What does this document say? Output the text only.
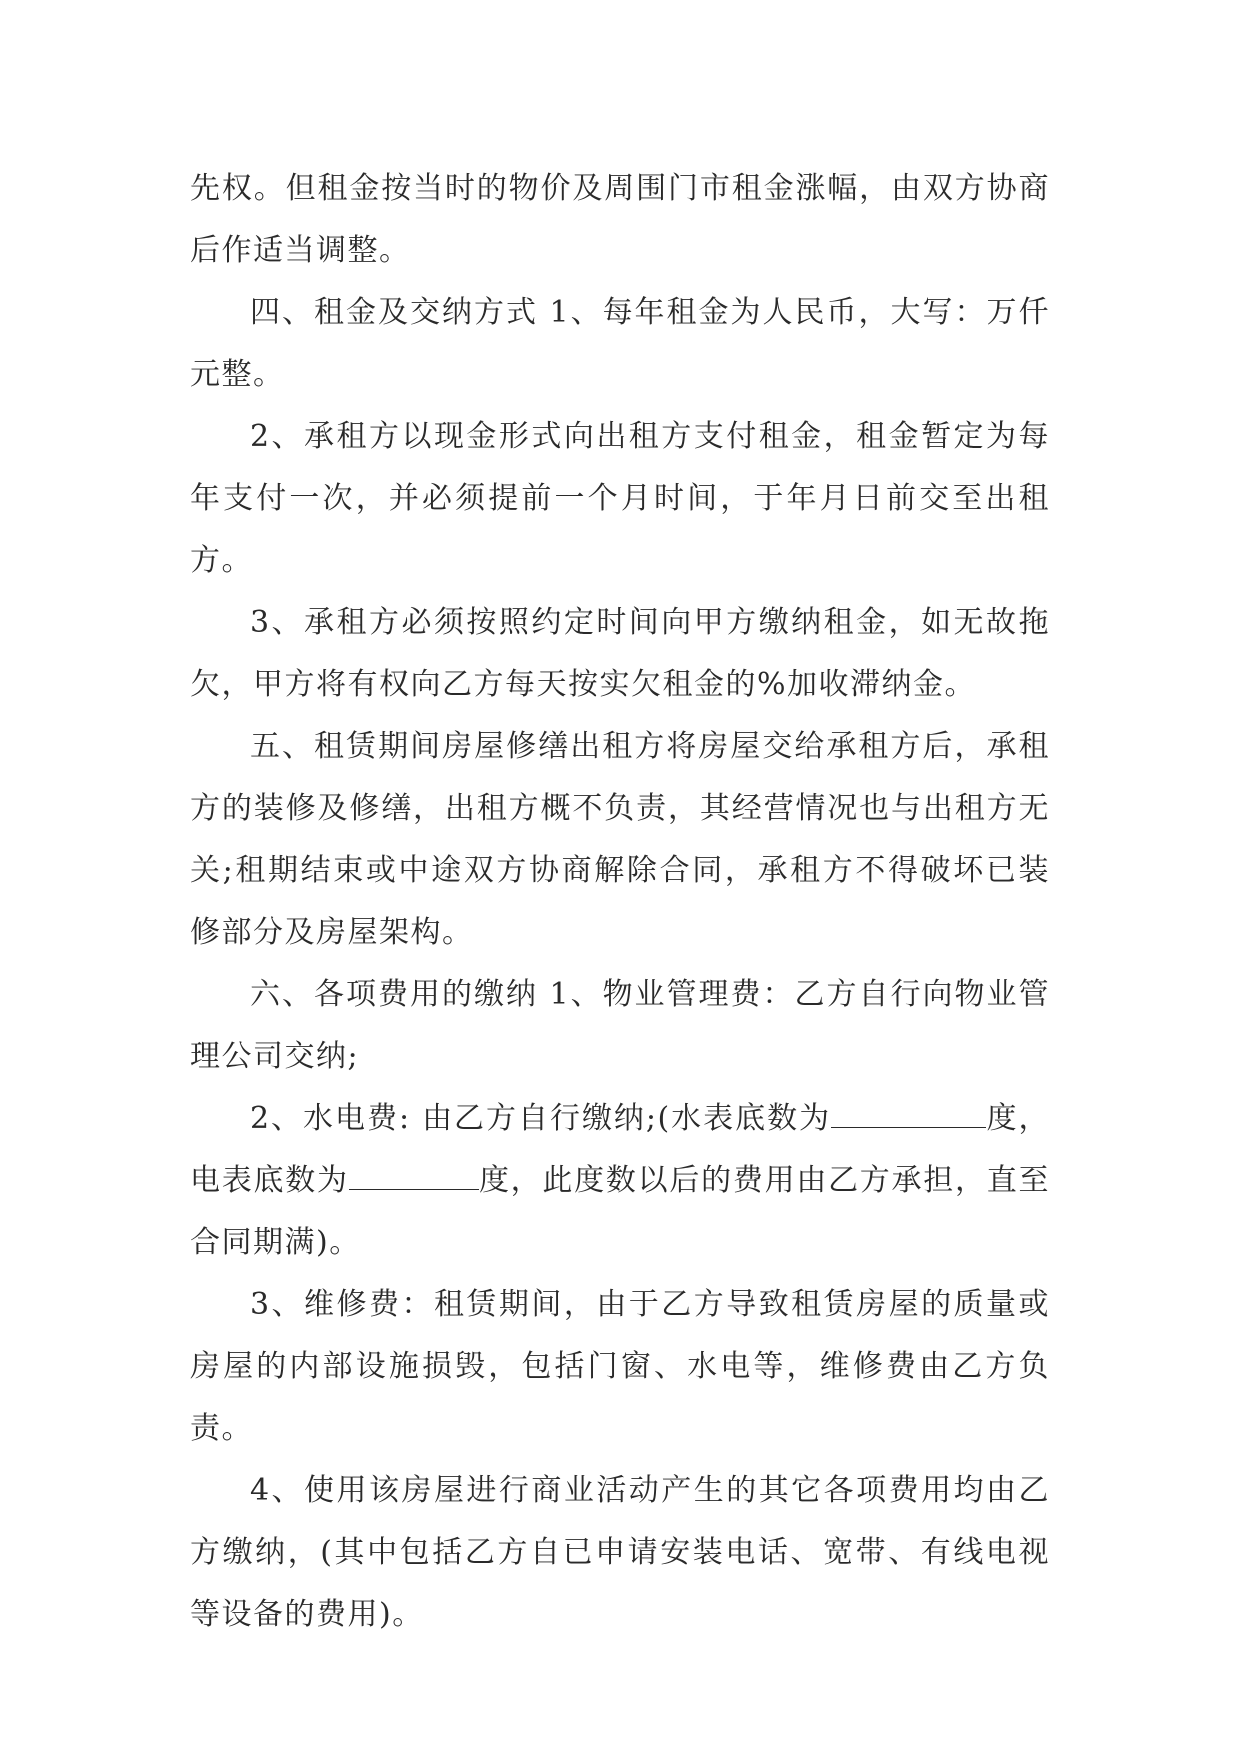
先权。但租金按当时的物价及周围门市租金涨幅，由双方协商后作适当调整。

四、租金及交纳方式 1、每年租金为人民币，大写：万仟元整。

2、承租方以现金形式向出租方支付租金，租金暂定为每年支付一次，并必须提前一个月时间，于年月日前交至出租方。

3、承租方必须按照约定时间向甲方缴纳租金，如无故拖欠，甲方将有权向乙方每天按实欠租金的%加收滞纳金。

五、租赁期间房屋修缮出租方将房屋交给承租方后，承租方的装修及修缮，出租方概不负责，其经营情况也与出租方无关;租期结束或中途双方协商解除合同，承租方不得破坏已装修部分及房屋架构。

六、各项费用的缴纳 1、物业管理费：乙方自行向物业管理公司交纳;

2、水电费: 由乙方自行缴纳;(水表底数为	度，电表底数为	度，此度数以后的费用由乙方承担，直至合同期满)。

3、维修费：租赁期间，由于乙方导致租赁房屋的质量或房屋的内部设施损毁，包括门窗、水电等，维修费由乙方负责。

4、使用该房屋进行商业活动产生的其它各项费用均由乙方缴纳，(其中包括乙方自已申请安装电话、宽带、有线电视等设备的费用)。
